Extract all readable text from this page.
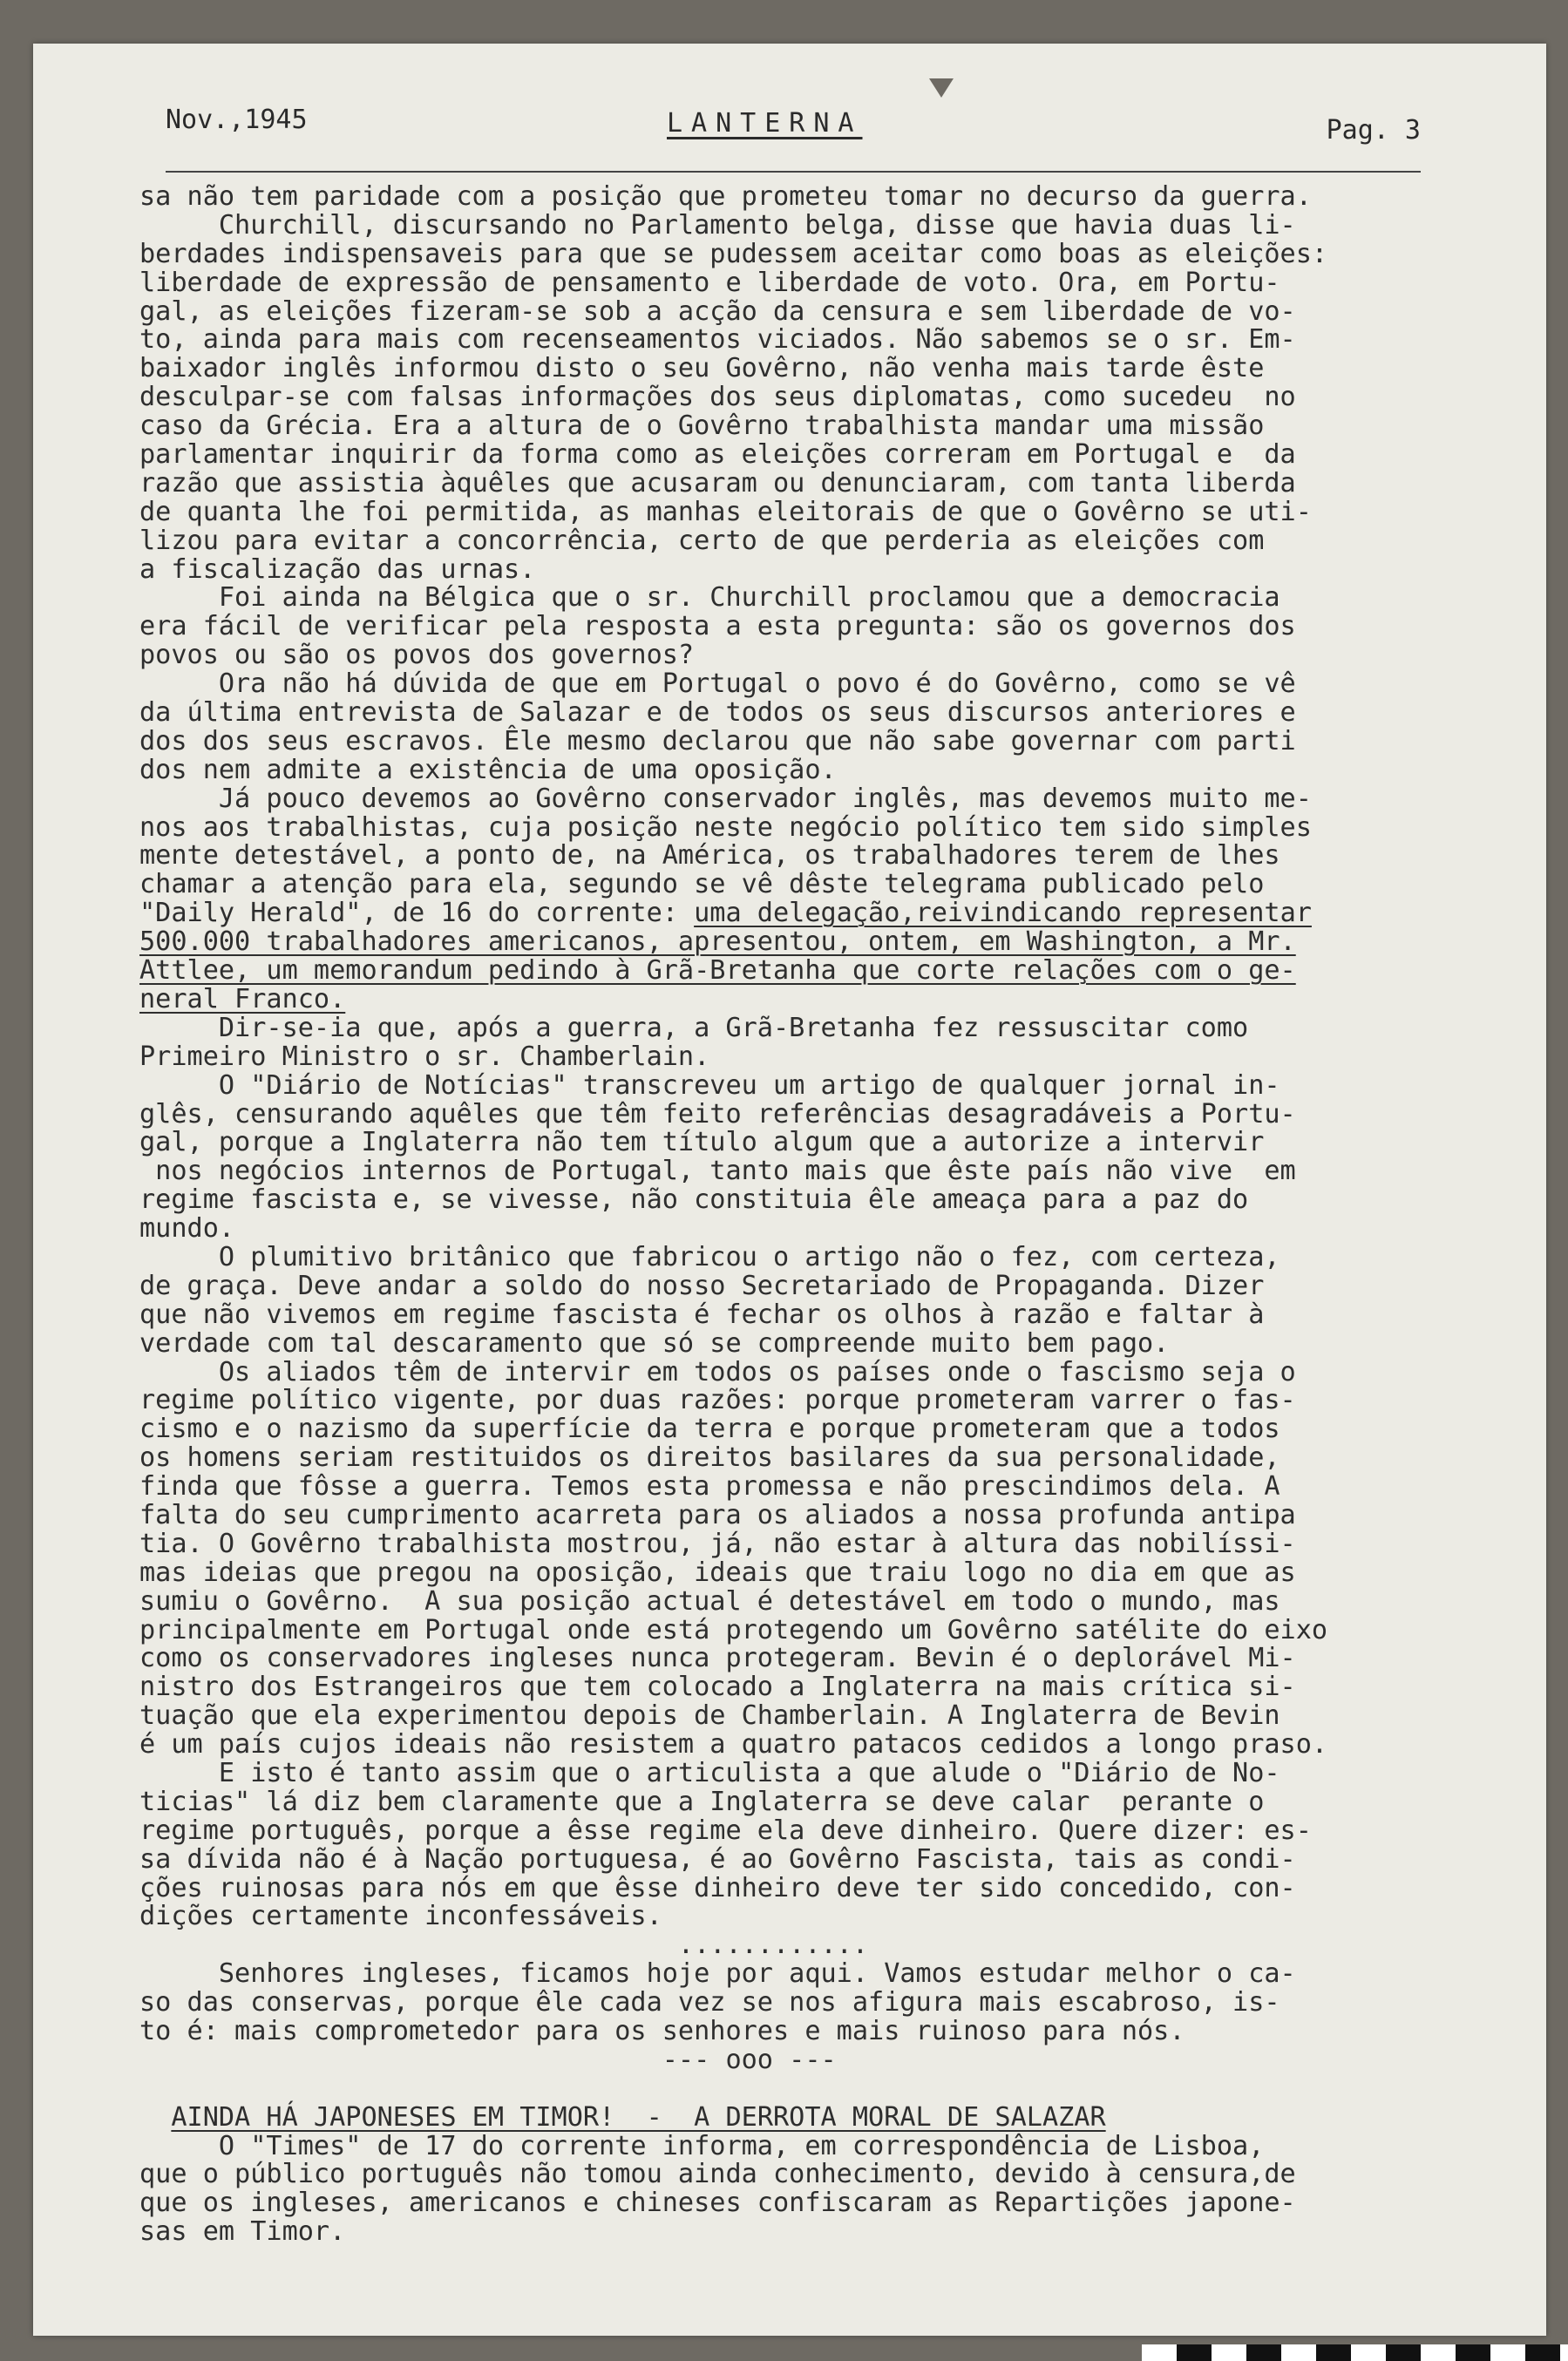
Nov.,1945	LANTERNA	Pag. 3
sa não tem paridade com a posição que prometeu tomar no decurso da guerra.
Churchill, discursando no Parlamento belga, disse que havia duas li-
berdades indispensaveis para que se pudessem aceitar como boas as eleições:
liberdade de expressão de pensamento e liberdade de voto. Ora, em Portu-
gal, as eleições fizeram-se sob a acção da censura e sem liberdade de vo-
to, ainda para mais com recenseamentos viciados. Não sabemos se o sr. Em-
baixador inglês informou disto o seu Govêrno, não venha mais tarde êste
desculpar-se com falsas informações dos seus diplomatas, como sucedeu  no
caso da Grécia. Era a altura de o Govêrno trabalhista mandar uma missão
parlamentar inquirir da forma como as eleições correram em Portugal e  da
razão que assistia àquêles que acusaram ou denunciaram, com tanta liberda
de quanta lhe foi permitida, as manhas eleitorais de que o Govêrno se uti-
lizou para evitar a concorrência, certo de que perderia as eleições com
a fiscalização das urnas.
Foi ainda na Bélgica que o sr. Churchill proclamou que a democracia
era fácil de verificar pela resposta a esta pregunta: são os governos dos
povos ou são os povos dos governos?
Ora não há dúvida de que em Portugal o povo é do Govêrno, como se vê
da última entrevista de Salazar e de todos os seus discursos anteriores e
dos dos seus escravos. Êle mesmo declarou que não sabe governar com parti
dos nem admite a existência de uma oposição.
Já pouco devemos ao Govêrno conservador inglês, mas devemos muito me-
nos aos trabalhistas, cuja posição neste negócio político tem sido simples
mente detestável, a ponto de, na América, os trabalhadores terem de lhes
chamar a atenção para ela, segundo se vê dêste telegrama publicado pelo
"Daily Herald", de 16 do corrente: uma delegação,reivindicando representar
500.000 trabalhadores americanos, apresentou, ontem, em Washington, a Mr.
Attlee, um memorandum pedindo à Grã-Bretanha que corte relações com o ge-
neral Franco.
Dir-se-ia que, após a guerra, a Grã-Bretanha fez ressuscitar como
Primeiro Ministro o sr. Chamberlain.
O "Diário de Notícias" transcreveu um artigo de qualquer jornal in-
glês, censurando aquêles que têm feito referências desagradáveis a Portu-
gal, porque a Inglaterra não tem título algum que a autorize a intervir
nos negócios internos de Portugal, tanto mais que êste país não vive  em
regime fascista e, se vivesse, não constituia êle ameaça para a paz do
mundo.
O plumitivo britânico que fabricou o artigo não o fez, com certeza,
de graça. Deve andar a soldo do nosso Secretariado de Propaganda. Dizer
que não vivemos em regime fascista é fechar os olhos à razão e faltar à
verdade com tal descaramento que só se compreende muito bem pago.
Os aliados têm de intervir em todos os países onde o fascismo seja o
regime político vigente, por duas razões: porque prometeram varrer o fas-
cismo e o nazismo da superfície da terra e porque prometeram que a todos
os homens seriam restituidos os direitos basilares da sua personalidade,
finda que fôsse a guerra. Temos esta promessa e não prescindimos dela. A
falta do seu cumprimento acarreta para os aliados a nossa profunda antipa
tia. O Govêrno trabalhista mostrou, já, não estar à altura das nobilíssi-
mas ideias que pregou na oposição, ideais que traiu logo no dia em que as
sumiu o Govêrno.  A sua posição actual é detestável em todo o mundo, mas
principalmente em Portugal onde está protegendo um Govêrno satélite do eixo
como os conservadores ingleses nunca protegeram. Bevin é o deplorável Mi-
nistro dos Estrangeiros que tem colocado a Inglaterra na mais crítica si-
tuação que ela experimentou depois de Chamberlain. A Inglaterra de Bevin
é um país cujos ideais não resistem a quatro patacos cedidos a longo praso.
E isto é tanto assim que o articulista a que alude o "Diário de No-
ticias" lá diz bem claramente que a Inglaterra se deve calar  perante o
regime português, porque a êsse regime ela deve dinheiro. Quere dizer: es-
sa dívida não é à Nação portuguesa, é ao Govêrno Fascista, tais as condi-
ções ruinosas para nós em que êsse dinheiro deve ter sido concedido, con-
dições certamente inconfessáveis.
............
Senhores ingleses, ficamos hoje por aqui. Vamos estudar melhor o ca-
so das conservas, porque êle cada vez se nos afigura mais escabroso, is-
to é: mais comprometedor para os senhores e mais ruinoso para nós.
--- ooo ---
AINDA HÁ JAPONESES EM TIMOR!  -  A DERROTA MORAL DE SALAZAR
O "Times" de 17 do corrente informa, em correspondência de Lisboa,
que o público português não tomou ainda conhecimento, devido à censura,de
que os ingleses, americanos e chineses confiscaram as Repartições japone-
sas em Timor.
